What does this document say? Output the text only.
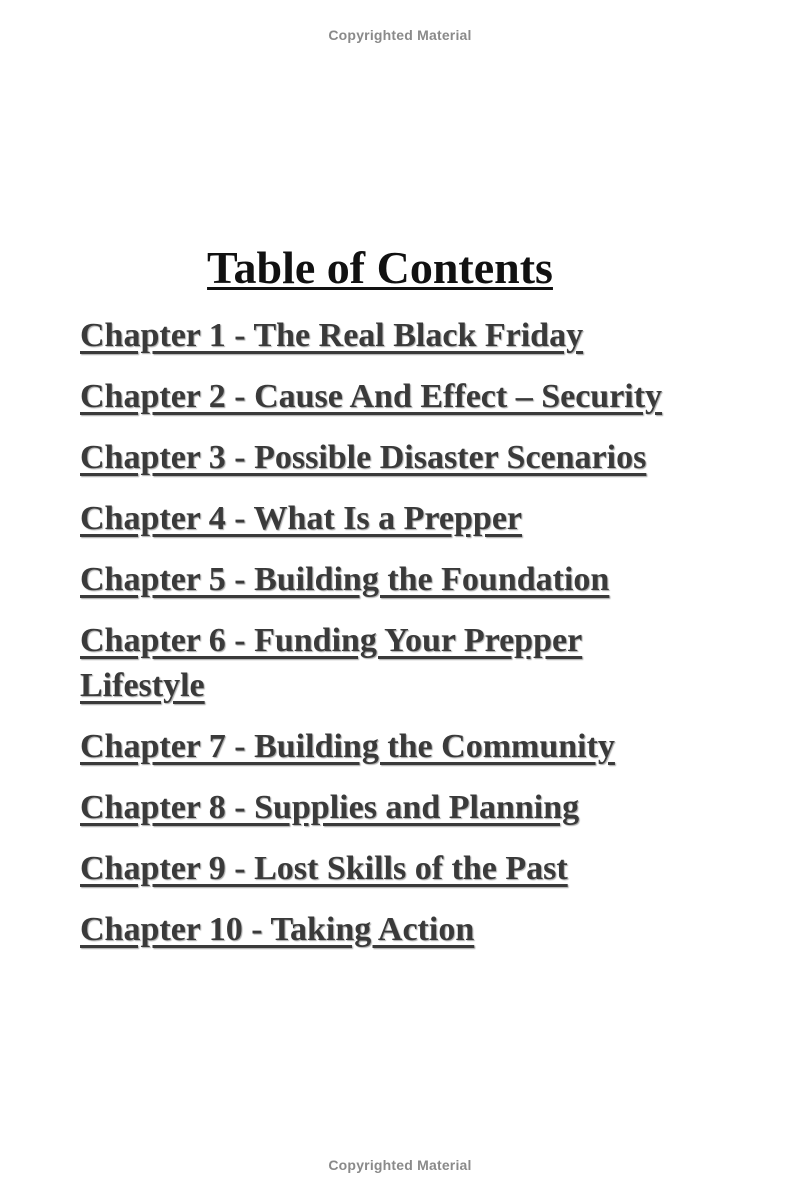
Copyrighted Material
Table of Contents
Chapter 1 - The Real Black Friday
Chapter 2 - Cause And Effect – Security
Chapter 3 - Possible Disaster Scenarios
Chapter 4 - What Is a Prepper
Chapter 5 - Building the Foundation
Chapter 6 - Funding Your Prepper Lifestyle
Chapter 7 - Building the Community
Chapter 8 - Supplies and Planning
Chapter 9 - Lost Skills of the Past
Chapter 10 - Taking Action
Copyrighted Material
